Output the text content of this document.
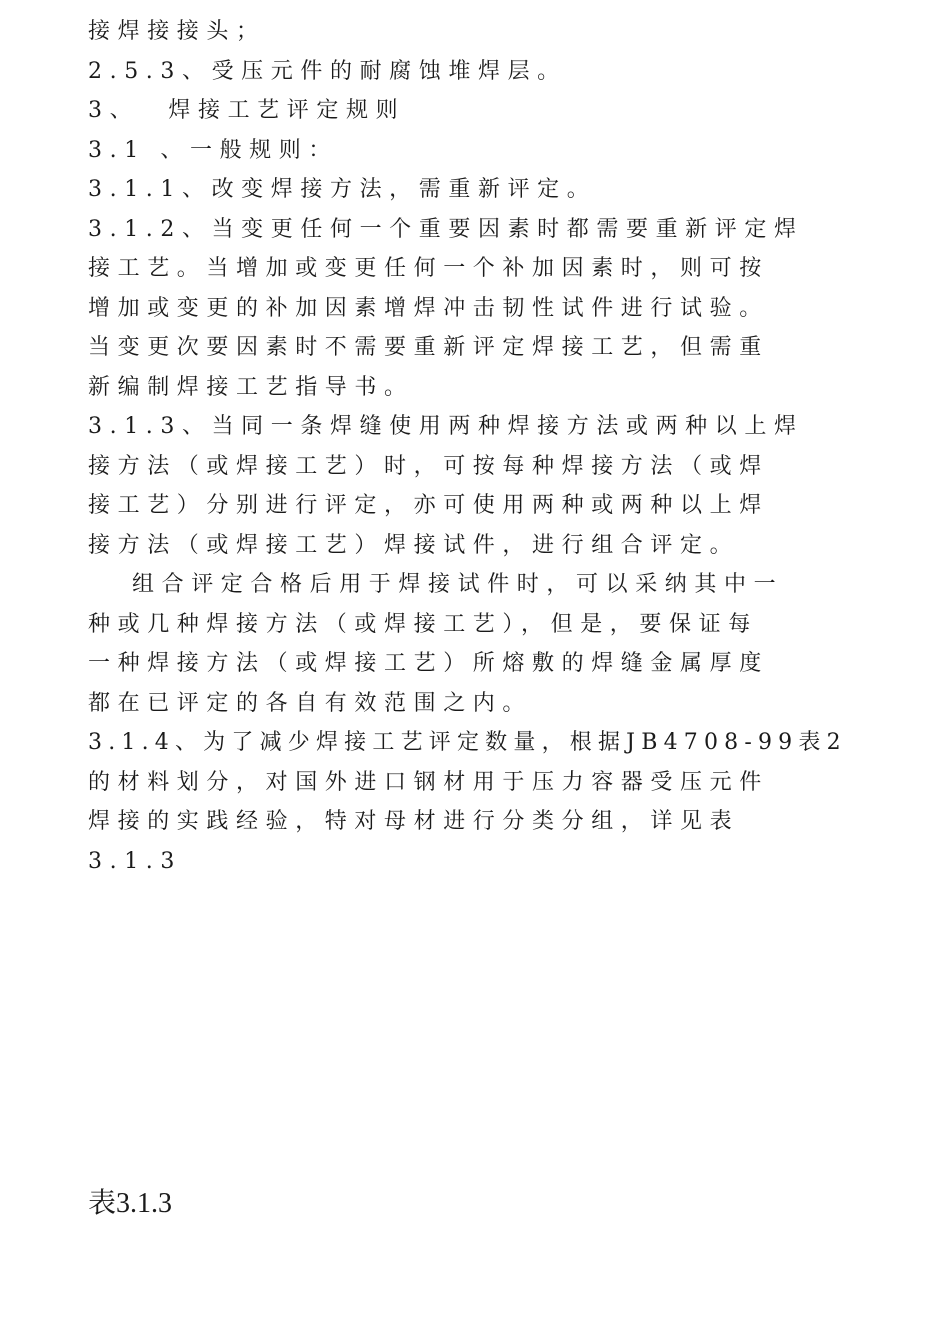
接焊接接头；
2.5.3、受压元件的耐腐蚀堆焊层。
3、  焊接工艺评定规则
3.1 、一般规则：
3.1.1、改变焊接方法，需重新评定。
3.1.2、当变更任何一个重要因素时都需要重新评定焊
接工艺。当增加或变更任何一个补加因素时，则可按
增加或变更的补加因素增焊冲击韧性试件进行试验。
当变更次要因素时不需要重新评定焊接工艺，但需重
新编制焊接工艺指导书。
3.1.3、当同一条焊缝使用两种焊接方法或两种以上焊
接方法（或焊接工艺）时，可按每种焊接方法（或焊
接工艺）分别进行评定，亦可使用两种或两种以上焊
接方法（或焊接工艺）焊接试件，进行组合评定。
组合评定合格后用于焊接试件时，可以采纳其中一
种或几种焊接方法（或焊接工艺），但是，要保证每
一种焊接方法（或焊接工艺）所熔敷的焊缝金属厚度
都在已评定的各自有效范围之内。
3.1.4、为了减少焊接工艺评定数量，根据JB4708-99表2
的材料划分，对国外进口钢材用于压力容器受压元件
焊接的实践经验，特对母材进行分类分组，详见表
3.1.3
表3.1.3
